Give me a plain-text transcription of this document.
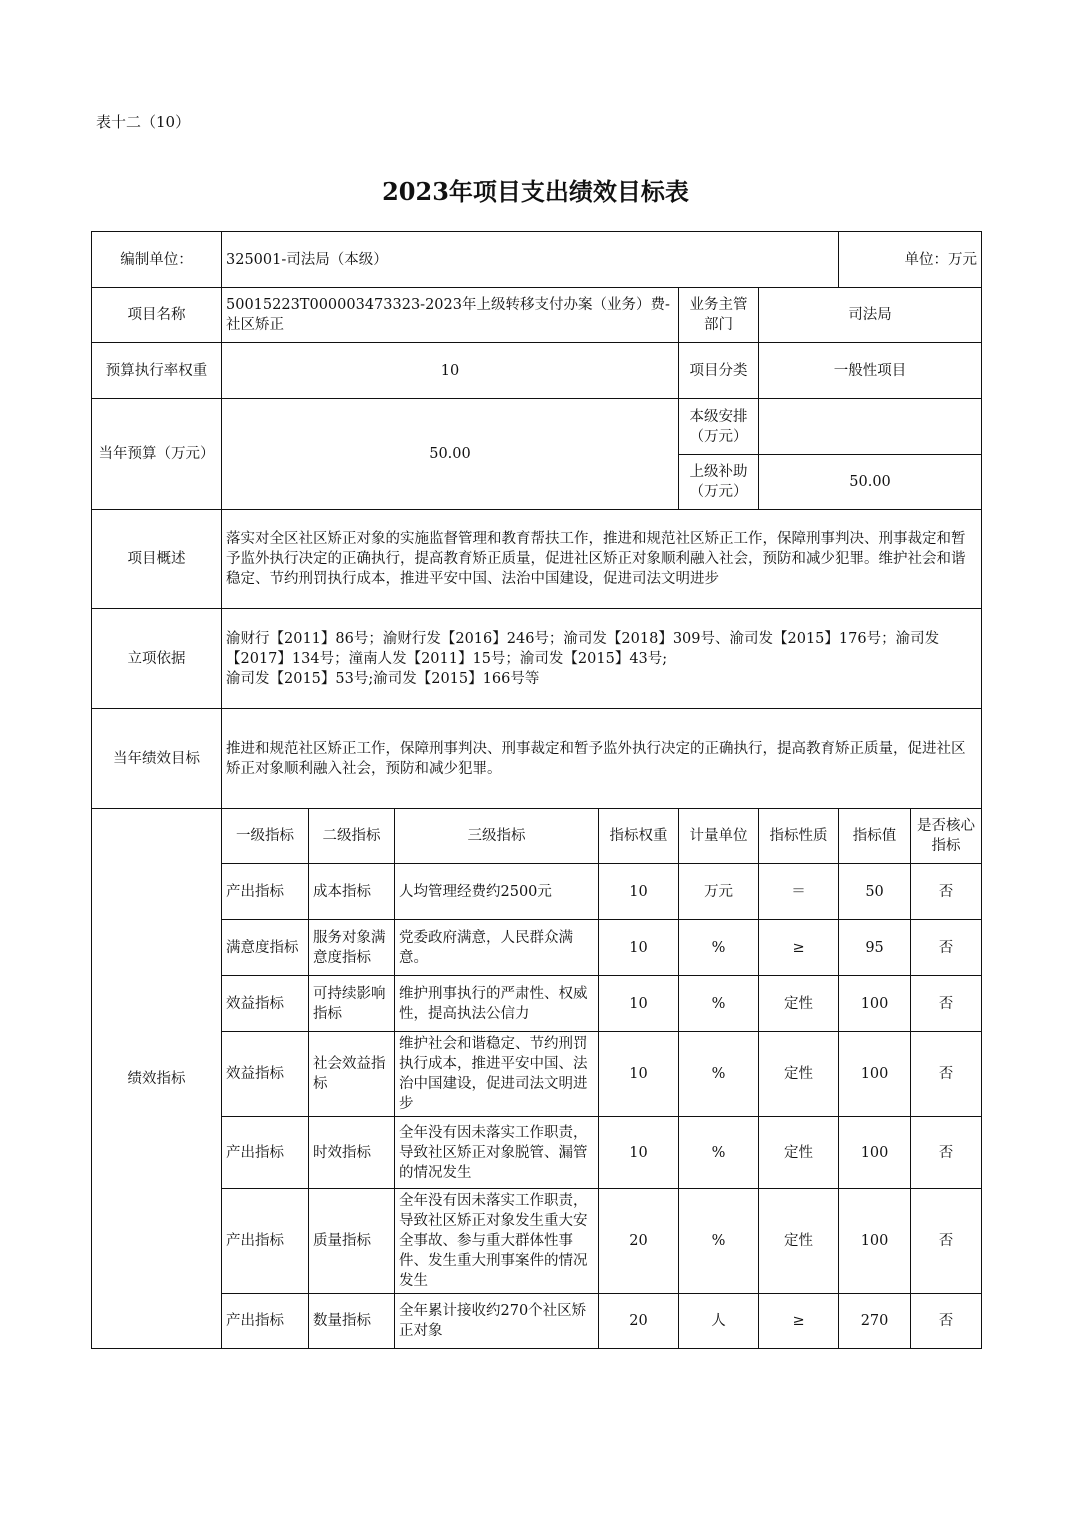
表十二（10）
2023年项目支出绩效目标表
编制单位：	325001-司法局（本级）						单位：万元	
项目名称	50015223T000003473323-2023年上级转移支付办案（业务）费-社区矫正				业务主管部门	司法局		
预算执行率权重	10				项目分类	一般性项目		
当年预算（万元）	50.00				本级安排（万元）			
					上级补助（万元）	50.00		
项目概述	落实对全区社区矫正对象的实施监督管理和教育帮扶工作，推进和规范社区矫正工作，保障刑事判决、刑事裁定和暂予监外执行决定的正确执行，提高教育矫正质量，促进社区矫正对象顺利融入社会，预防和减少犯罪。维护社会和谐稳定、节约刑罚执行成本，推进平安中国、法治中国建设，促进司法文明进步							
立项依据	渝财行【2011】86号；渝财行发【2016】246号；渝司发【2018】309号、渝司发【2015】176号；渝司发【2017】134号；潼南人发【2011】15号；渝司发【2015】43号;
渝司发【2015】53号;渝司发【2015】166号等							

当年绩效目标	推进和规范社区矫正工作，保障刑事判决、刑事裁定和暂予监外执行决定的正确执行，提高教育矫正质量，促进社区矫正对象顺利融入社会，预防和减少犯罪。							
绩效指标	一级指标	二级指标	三级指标	指标权重	计量单位	指标性质	指标值	是否核心指标
	产出指标	成本指标	人均管理经费约2500元	10	万元	＝	50	否
	满意度指标	服务对象满意度指标	党委政府满意，人民群众满意。	10	%	≥	95	否
	效益指标	可持续影响指标	维护刑事执行的严肃性、权威性，提高执法公信力	10	%	定性	100	否
	效益指标	社会效益指标	维护社会和谐稳定、节约刑罚执行成本，推进平安中国、法治中国建设，促进司法文明进步	10	%	定性	100	否
	产出指标	时效指标	全年没有因未落实工作职责，导致社区矫正对象脱管、漏管的情况发生	10	%	定性	100	否
	产出指标	质量指标	全年没有因未落实工作职责，导致社区矫正对象发生重大安全事故、参与重大群体性事件、发生重大刑事案件的情况发生	20	%	定性	100	否
	产出指标	数量指标	全年累计接收约270个社区矫正对象	20	人	≥	270	否
